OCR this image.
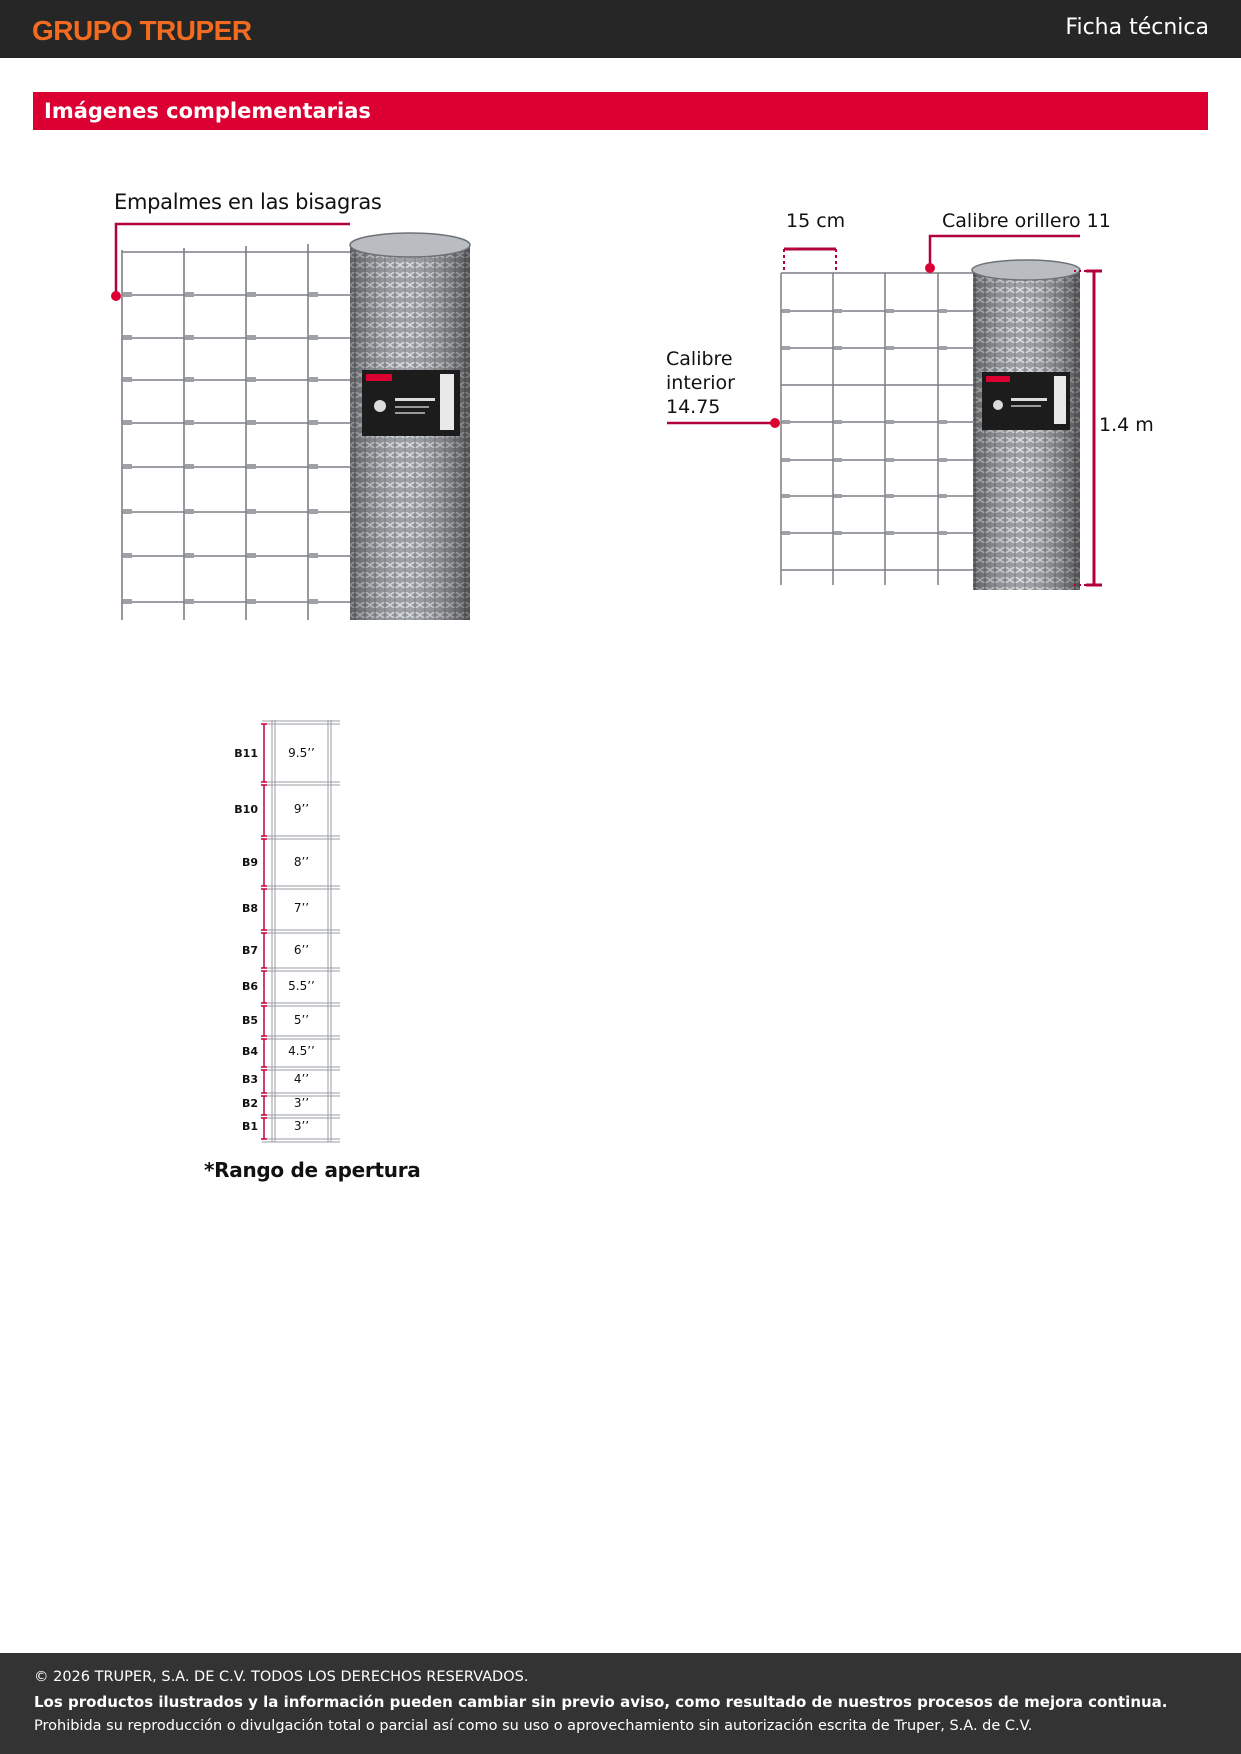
GRUPO TRUPER	Ficha técnica
Imágenes complementarias
Empalmes en las bisagras
15 cm	Calibre orillero 11
Calibre
interior
14.75
1.4 m
B11	9.5’’
B10	9’’
B9	8’’
B8	7’’
B7	6’’
B6	5.5’’
B5	5’’
B4	4.5’’
B3	4’’
B2	3’’
B1	3’’
*Rango de apertura
© 2026 TRUPER, S.A. DE C.V. TODOS LOS DERECHOS RESERVADOS.
Los productos ilustrados y la información pueden cambiar sin previo aviso, como resultado de nuestros procesos de mejora continua.
Prohibida su reproducción o divulgación total o parcial así como su uso o aprovechamiento sin autorización escrita de Truper, S.A. de C.V.
